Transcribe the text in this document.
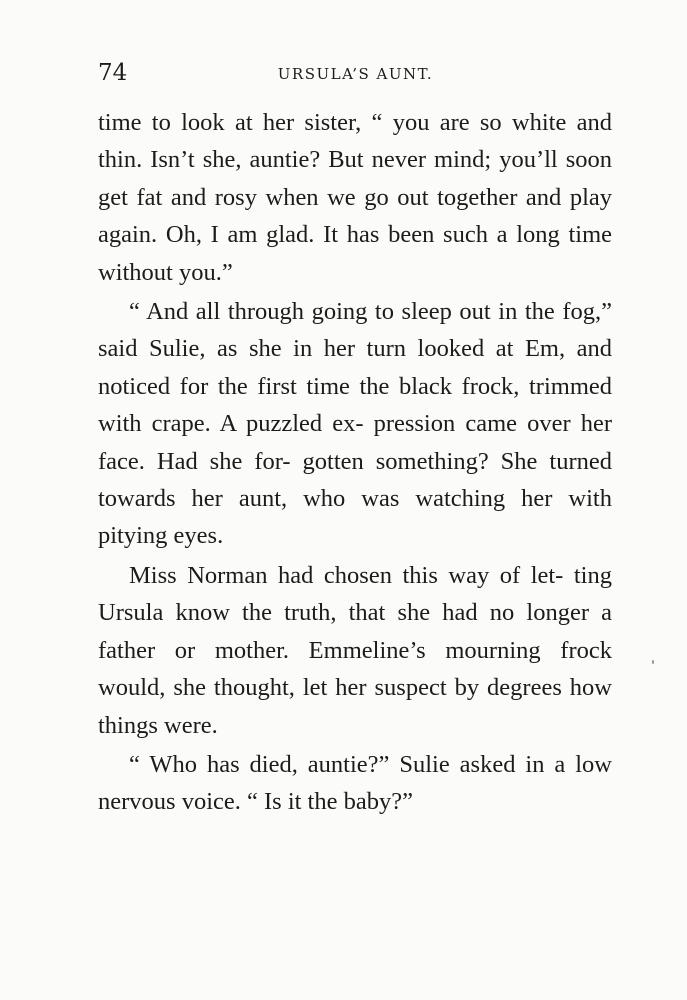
74	URSULA’S AUNT.

time to look at her sister, “ you are so white and thin. Isn’t she, auntie? But never mind; you’ll soon get fat and rosy when we go out together and play again. Oh, I am glad. It has been such a long time without you.”

“ And all through going to sleep out in the fog,” said Sulie, as she in her turn looked at Em, and noticed for the first time the black frock, trimmed with crape. A puzzled ex- pression came over her face. Had she for- gotten something? She turned towards her aunt, who was watching her with pitying eyes.

Miss Norman had chosen this way of let- ting Ursula know the truth, that she had no longer a father or mother. Emmeline’s mourning frock would, she thought, let her suspect by degrees how things were.

“ Who has died, auntie?” Sulie asked in a low nervous voice. “ Is it the baby?”
